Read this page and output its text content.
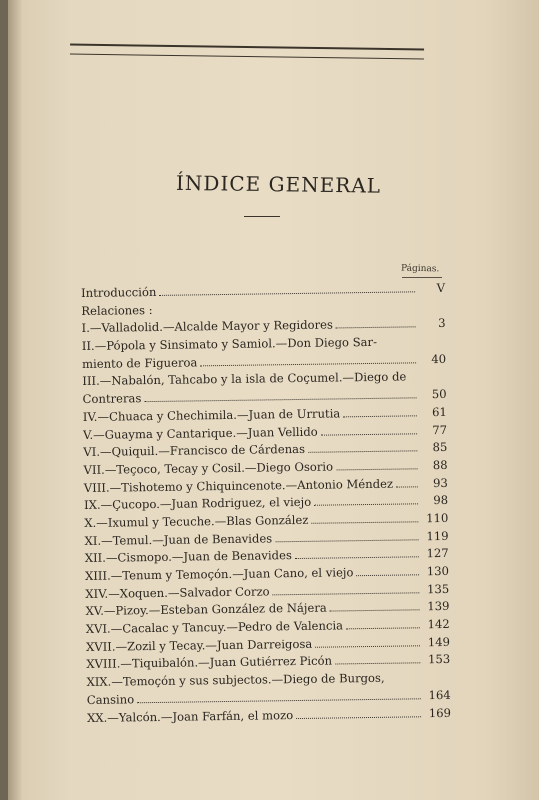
ÍNDICE GENERAL
Páginas.
Introducción	V
Relaciones :
I.—Valladolid.—Alcalde Mayor y Regidores	3
II.—Pópola y Sinsimato y Samiol.—Don Diego Sar-
miento de Figueroa	40
III.—Nabalón, Tahcabo y la isla de Coçumel.—Diego de
Contreras	50
IV.—Chuaca y Chechimila.—Juan de Urrutia	61
V.—Guayma y Cantarique.—Juan Vellido	77
VI.—Quiquil.—Francisco de Cárdenas	85
VII.—Teçoco, Tecay y Cosil.—Diego Osorio	88
VIII.—Tishotemo y Chiquincenote.—Antonio Méndez	93
IX.—Çucopo.—Juan Rodriguez, el viejo	98
X.—Ixumul y Tecuche.—Blas González	110
XI.—Temul.—Juan de Benavides	119
XII.—Cismopo.—Juan de Benavides	127
XIII.—Tenum y Temoçón.—Juan Cano, el viejo	130
XIV.—Xoquen.—Salvador Corzo	135
XV.—Pizoy.—Esteban González de Nájera	139
XVI.—Cacalac y Tancuy.—Pedro de Valencia	142
XVII.—Zozil y Tecay.—Juan Darreigosa	149
XVIII.—Tiquibalón.—Juan Gutiérrez Picón	153
XIX.—Temoçón y sus subjectos.—Diego de Burgos,
Cansino	164
XX.—Yalcón.—Joan Farfán, el mozo	169
